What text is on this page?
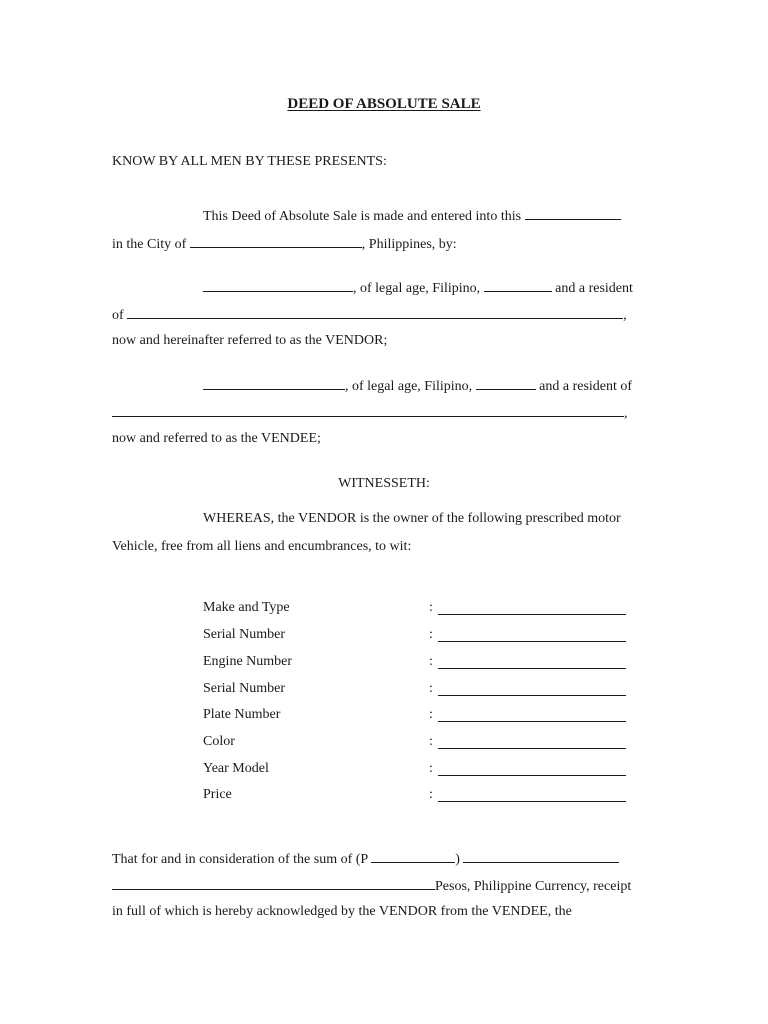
DEED OF ABSOLUTE SALE
KNOW BY ALL MEN BY THESE PRESENTS:
This Deed of Absolute Sale is made and entered into this
in the City of	, Philippines, by:
, of legal age, Filipino,	and a resident
of	,
now and hereinafter referred to as the VENDOR;
, of legal age, Filipino,	and a resident of
,
now and referred to as the VENDEE;
WITNESSETH:
WHEREAS, the VENDOR is the owner of the following prescribed motor
Vehicle, free from all liens and encumbrances, to wit:
Make and Type	:
Serial Number	:
Engine Number	:
Serial Number	:
Plate Number	:
Color	:
Year Model	:
Price	:
That for and in consideration of the sum of (P	)
Pesos, Philippine Currency, receipt
in full of which is hereby acknowledged by the VENDOR from the VENDEE, the
